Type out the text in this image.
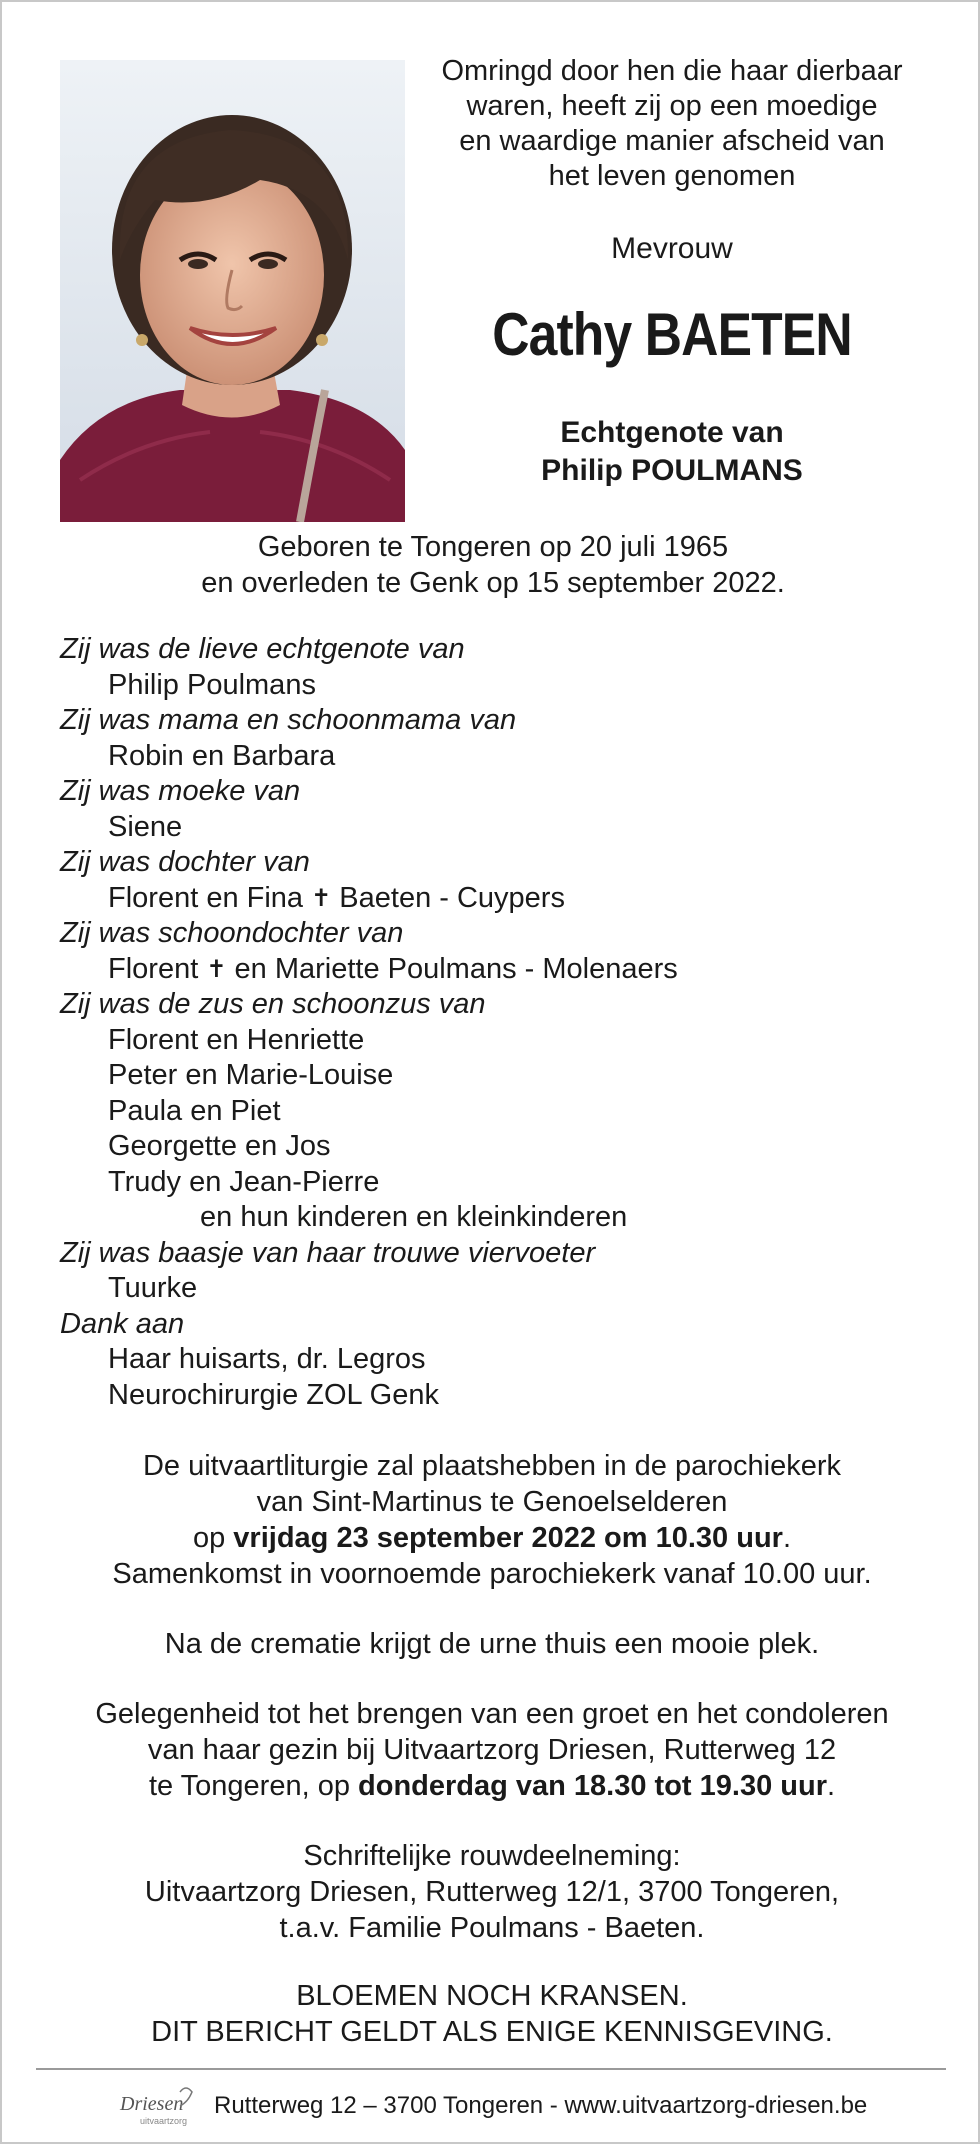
Omringd door hen die haar dierbaar

waren, heeft zij op een moedige

en waardige manier afscheid van

het leven genomen

Mevrouw
Cathy BAETEN
Echtgenote van
Philip POULMANS
Geboren te Tongeren op 20 juli 1965
en overleden te Genk op 15 september 2022.
Zij was de lieve echtgenote van
Philip Poulmans
Zij was mama en schoonmama van
Robin en Barbara
Zij was moeke van
Siene
Zij was dochter van
Florent en Fina ✝ Baeten - Cuypers
Zij was schoondochter van
Florent ✝ en Mariette Poulmans - Molenaers
Zij was de zus en schoonzus van
Florent en Henriette
Peter en Marie-Louise
Paula en Piet
Georgette en Jos
Trudy en Jean-Pierre
en hun kinderen en kleinkinderen
Zij was baasje van haar trouwe viervoeter
Tuurke
Dank aan
Haar huisarts, dr. Legros
Neurochirurgie ZOL Genk

De uitvaartliturgie zal plaatshebben in de parochiekerk

van Sint-Martinus te Genoelselderen

op vrijdag 23 september 2022 om 10.30 uur.

Samenkomst in voornoemde parochiekerk vanaf 10.00 uur.

Na de crematie krijgt de urne thuis een mooie plek.

Gelegenheid tot het brengen van een groet en het condoleren

van haar gezin bij Uitvaartzorg Driesen, Rutterweg 12

te Tongeren, op donderdag van 18.30 tot 19.30 uur.

Schriftelijke rouwdeelneming:

Uitvaartzorg Driesen, Rutterweg 12/1, 3700 Tongeren,

t.a.v. Familie Poulmans - Baeten.

BLOEMEN NOCH KRANSEN.

DIT BERICHT GELDT ALS ENIGE KENNISGEVING.

Driesen
uitvaartzorg
Rutterweg 12 – 3700 Tongeren - www.uitvaartzorg-driesen.be
